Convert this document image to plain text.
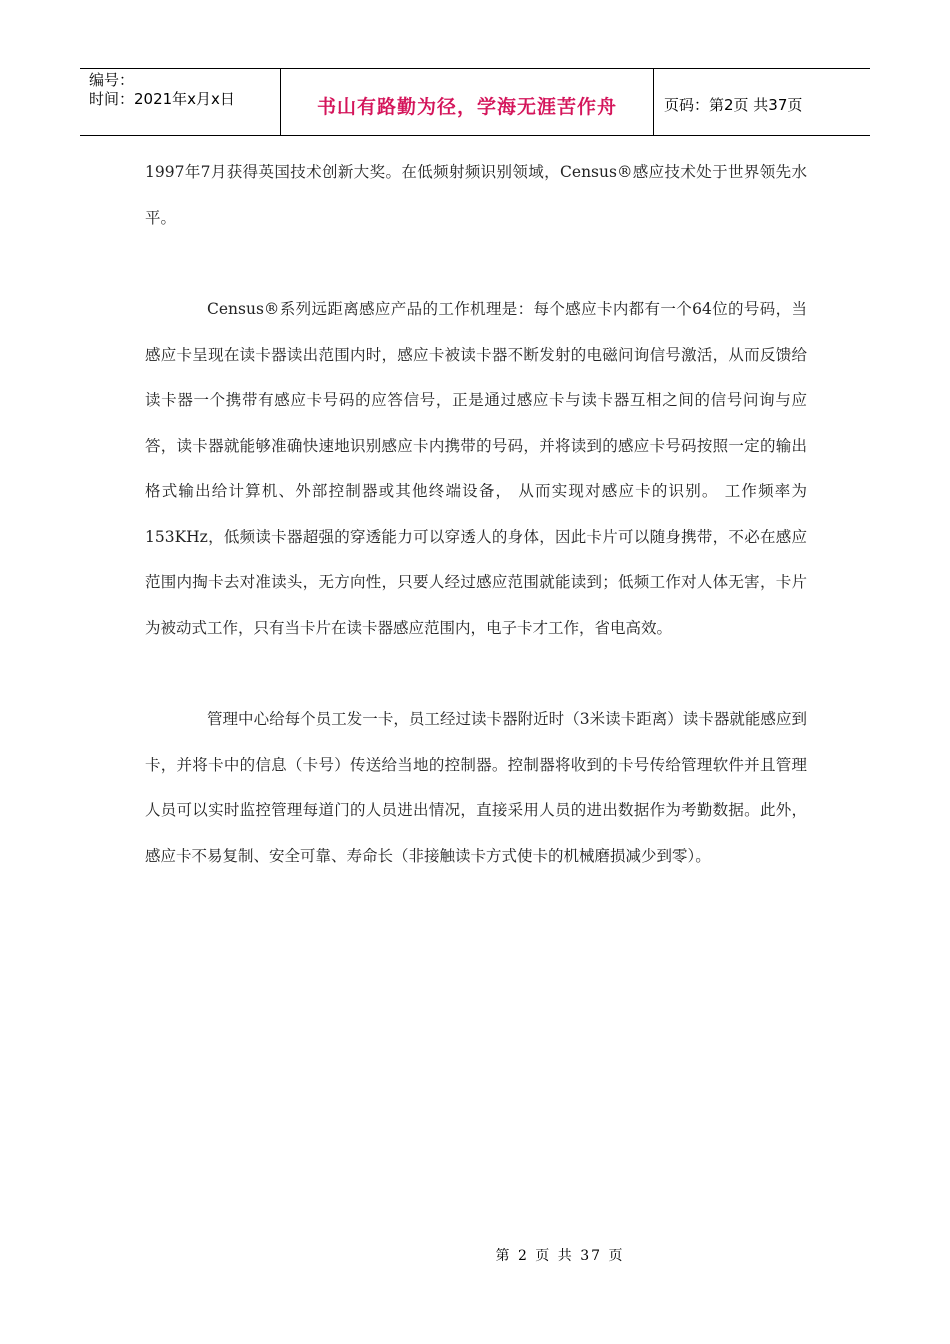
编号：
时间：2021年x月x日	书山有路勤为径，学海无涯苦作舟	页码：第2页 共37页

1997年7月获得英国技术创新大奖。在低频射频识别领域，Census®感应技术处于世界领先水平。

Census®系列远距离感应产品的工作机理是：每个感应卡内都有一个64位的号码，当感应卡呈现在读卡器读出范围内时，感应卡被读卡器不断发射的电磁问询信号激活，从而反馈给读卡器一个携带有感应卡号码的应答信号，正是通过感应卡与读卡器互相之间的信号问询与应答，读卡器就能够准确快速地识别感应卡内携带的号码，并将读到的感应卡号码按照一定的输出格式输出给计算机、外部控制器或其他终端设备， 从而实现对感应卡的识别。 工作频率为153KHz，低频读卡器超强的穿透能力可以穿透人的身体，因此卡片可以随身携带，不必在感应范围内掏卡去对准读头，无方向性，只要人经过感应范围就能读到；低频工作对人体无害，卡片为被动式工作，只有当卡片在读卡器感应范围内，电子卡才工作，省电高效。

管理中心给每个员工发一卡，员工经过读卡器附近时（3米读卡距离）读卡器就能感应到卡，并将卡中的信息（卡号）传送给当地的控制器。控制器将收到的卡号传给管理软件并且管理人员可以实时监控管理每道门的人员进出情况，直接采用人员的进出数据作为考勤数据。此外，感应卡不易复制、安全可靠、寿命长（非接触读卡方式使卡的机械磨损减少到零）。

第 2 页 共 37 页
